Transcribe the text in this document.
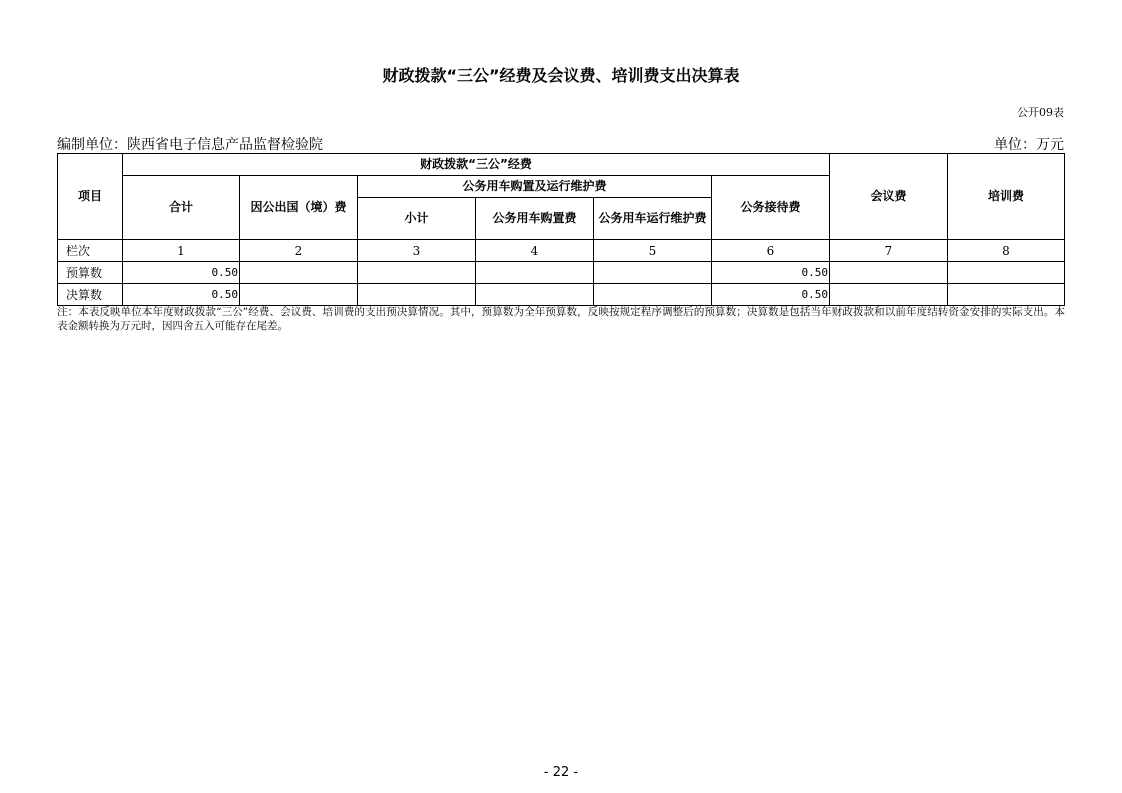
财政拨款“三公”经费及会议费、培训费支出决算表
公开09表
编制单位：陕西省电子信息产品监督检验院	单位：万元
项目	财政拨款“三公”经费						会议费	培训费
	合计	因公出国（境）费	公务用车购置及运行维护费			公务接待费		
			小计	公务用车购置费	公务用车运行维护费			
栏次	1	2	3	4	5	6	7	8
预算数	0.50					0.50		
决算数	0.50					0.50		
注：本表反映单位本年度财政拨款“三公”经费、会议费、培训费的支出预决算情况。其中，预算数为全年预算数，反映按规定程序调整后的预算数；决算数是包括当年财政拨款和以前年度结转资金安排的实际支出。本表金额转换为万元时，因四舍五入可能存在尾差。
- 22 -
